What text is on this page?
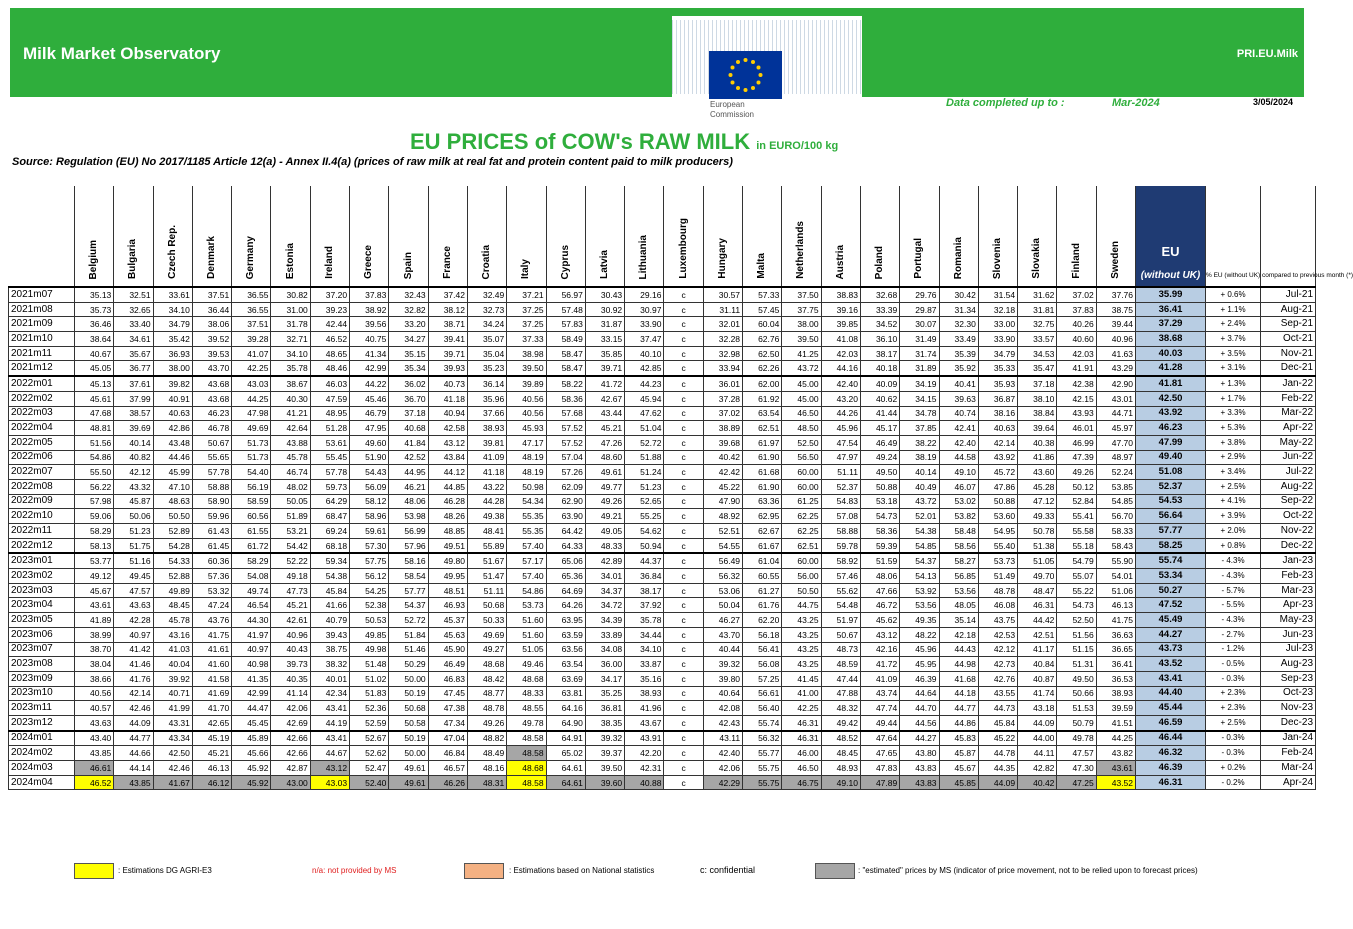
Milk Market Observatory	PRI.EU.Milk
European
Commission
Data completed up to :	Mar-2024	3/05/2024
EU PRICES of COW's RAW MILK in EURO/100 kg
Source: Regulation (EU) No 2017/1185 Article 12(a) - Annex II.4(a) (prices of raw milk at real fat and protein content paid to milk producers)
	Belgium	Bulgaria	Czech Rep.	Denmark	Germany	Estonia	Ireland	Greece	Spain	France	Croatia	Italy	Cyprus	Latvia	Lithuania	Luxembourg	Hungary	Malta	Netherlands	Austria	Poland	Portugal	Romania	Slovenia	Slovakia	Finland	Sweden	EU

(without UK)	% EU (without UK) compared to previous month (*)	
2021m07	35.13	32.51	33.61	37.51	36.55	30.82	37.20	37.83	32.43	37.42	32.49	37.21	56.97	30.43	29.16	c	30.57	57.33	37.50	38.83	32.68	29.76	30.42	31.54	31.62	37.02	37.76	35.99	+ 0.6%	Jul-21
2021m08	35.73	32.65	34.10	36.44	36.55	31.00	39.23	38.92	32.82	38.12	32.73	37.25	57.48	30.92	30.97	c	31.11	57.45	37.75	39.16	33.39	29.87	31.34	32.18	31.81	37.83	38.75	36.41	+ 1.1%	Aug-21
2021m09	36.46	33.40	34.79	38.06	37.51	31.78	42.44	39.56	33.20	38.71	34.24	37.25	57.83	31.87	33.90	c	32.01	60.04	38.00	39.85	34.52	30.07	32.30	33.00	32.75	40.26	39.44	37.29	+ 2.4%	Sep-21
2021m10	38.64	34.61	35.42	39.52	39.28	32.71	46.52	40.75	34.27	39.41	35.07	37.33	58.49	33.15	37.47	c	32.28	62.76	39.50	41.08	36.10	31.49	33.49	33.90	33.57	40.60	40.96	38.68	+ 3.7%	Oct-21
2021m11	40.67	35.67	36.93	39.53	41.07	34.10	48.65	41.34	35.15	39.71	35.04	38.98	58.47	35.85	40.10	c	32.98	62.50	41.25	42.03	38.17	31.74	35.39	34.79	34.53	42.03	41.63	40.03	+ 3.5%	Nov-21
2021m12	45.05	36.77	38.00	43.70	42.25	35.78	48.46	42.99	35.34	39.93	35.23	39.50	58.47	39.71	42.85	c	33.94	62.26	43.72	44.16	40.18	31.89	35.92	35.33	35.47	41.91	43.29	41.28	+ 3.1%	Dec-21
2022m01	45.13	37.61	39.82	43.68	43.03	38.67	46.03	44.22	36.02	40.73	36.14	39.89	58.22	41.72	44.23	c	36.01	62.00	45.00	42.40	40.09	34.19	40.41	35.93	37.18	42.38	42.90	41.81	+ 1.3%	Jan-22
2022m02	45.61	37.99	40.91	43.68	44.25	40.30	47.59	45.46	36.70	41.18	35.96	40.56	58.36	42.67	45.94	c	37.28	61.92	45.00	43.20	40.62	34.15	39.63	36.87	38.10	42.15	43.01	42.50	+ 1.7%	Feb-22
2022m03	47.68	38.57	40.63	46.23	47.98	41.21	48.95	46.79	37.18	40.94	37.66	40.56	57.68	43.44	47.62	c	37.02	63.54	46.50	44.26	41.44	34.78	40.74	38.16	38.84	43.93	44.71	43.92	+ 3.3%	Mar-22
2022m04	48.81	39.69	42.86	46.78	49.69	42.64	51.28	47.95	40.68	42.58	38.93	45.93	57.52	45.21	51.04	c	38.89	62.51	48.50	45.96	45.17	37.85	42.41	40.63	39.64	46.01	45.97	46.23	+ 5.3%	Apr-22
2022m05	51.56	40.14	43.48	50.67	51.73	43.88	53.61	49.60	41.84	43.12	39.81	47.17	57.52	47.26	52.72	c	39.68	61.97	52.50	47.54	46.49	38.22	42.40	42.14	40.38	46.99	47.70	47.99	+ 3.8%	May-22
2022m06	54.86	40.82	44.46	55.65	51.73	45.78	55.45	51.90	42.52	43.84	41.09	48.19	57.04	48.60	51.88	c	40.42	61.90	56.50	47.97	49.24	38.19	44.58	43.92	41.86	47.39	48.97	49.40	+ 2.9%	Jun-22
2022m07	55.50	42.12	45.99	57.78	54.40	46.74	57.78	54.43	44.95	44.12	41.18	48.19	57.26	49.61	51.24	c	42.42	61.68	60.00	51.11	49.50	40.14	49.10	45.72	43.60	49.26	52.24	51.08	+ 3.4%	Jul-22
2022m08	56.22	43.32	47.10	58.88	56.19	48.02	59.73	56.09	46.21	44.85	43.22	50.98	62.09	49.77	51.23	c	45.22	61.90	60.00	52.37	50.88	40.49	46.07	47.86	45.28	50.12	53.85	52.37	+ 2.5%	Aug-22
2022m09	57.98	45.87	48.63	58.90	58.59	50.05	64.29	58.12	48.06	46.28	44.28	54.34	62.90	49.26	52.65	c	47.90	63.36	61.25	54.83	53.18	43.72	53.02	50.88	47.12	52.84	54.85	54.53	+ 4.1%	Sep-22
2022m10	59.06	50.06	50.50	59.96	60.56	51.89	68.47	58.96	53.98	48.26	49.38	55.35	63.90	49.21	55.25	c	48.92	62.95	62.25	57.08	54.73	52.01	53.82	53.60	49.33	55.41	56.70	56.64	+ 3.9%	Oct-22
2022m11	58.29	51.23	52.89	61.43	61.55	53.21	69.24	59.61	56.99	48.85	48.41	55.35	64.42	49.05	54.62	c	52.51	62.67	62.25	58.88	58.36	54.38	58.48	54.95	50.78	55.58	58.33	57.77	+ 2.0%	Nov-22
2022m12	58.13	51.75	54.28	61.45	61.72	54.42	68.18	57.30	57.96	49.51	55.89	57.40	64.33	48.33	50.94	c	54.55	61.67	62.51	59.78	59.39	54.85	58.56	55.40	51.38	55.18	58.43	58.25	+ 0.8%	Dec-22
2023m01	53.77	51.16	54.33	60.36	58.29	52.22	59.34	57.75	58.16	49.80	51.67	57.17	65.06	42.89	44.37	c	56.49	61.04	60.00	58.92	51.59	54.37	58.27	53.73	51.05	54.79	55.90	55.74	- 4.3%	Jan-23
2023m02	49.12	49.45	52.88	57.36	54.08	49.18	54.38	56.12	58.54	49.95	51.47	57.40	65.36	34.01	36.84	c	56.32	60.55	56.00	57.46	48.06	54.13	56.85	51.49	49.70	55.07	54.01	53.34	- 4.3%	Feb-23
2023m03	45.67	47.57	49.89	53.32	49.74	47.73	45.84	54.25	57.77	48.51	51.11	54.86	64.69	34.37	38.17	c	53.06	61.27	50.50	55.62	47.66	53.92	53.56	48.78	48.47	55.22	51.06	50.27	- 5.7%	Mar-23
2023m04	43.61	43.63	48.45	47.24	46.54	45.21	41.66	52.38	54.37	46.93	50.68	53.73	64.26	34.72	37.92	c	50.04	61.76	44.75	54.48	46.72	53.56	48.05	46.08	46.31	54.73	46.13	47.52	- 5.5%	Apr-23
2023m05	41.89	42.28	45.78	43.76	44.30	42.61	40.79	50.53	52.72	45.37	50.33	51.60	63.95	34.39	35.78	c	46.27	62.20	43.25	51.97	45.62	49.35	35.14	43.75	44.42	52.50	41.75	45.49	- 4.3%	May-23
2023m06	38.99	40.97	43.16	41.75	41.97	40.96	39.43	49.85	51.84	45.63	49.69	51.60	63.59	33.89	34.44	c	43.70	56.18	43.25	50.67	43.12	48.22	42.18	42.53	42.51	51.56	36.63	44.27	- 2.7%	Jun-23
2023m07	38.70	41.42	41.03	41.61	40.97	40.43	38.75	49.98	51.46	45.90	49.27	51.05	63.56	34.08	34.10	c	40.44	56.41	43.25	48.73	42.16	45.96	44.43	42.12	41.17	51.15	36.65	43.73	- 1.2%	Jul-23
2023m08	38.04	41.46	40.04	41.60	40.98	39.73	38.32	51.48	50.29	46.49	48.68	49.46	63.54	36.00	33.87	c	39.32	56.08	43.25	48.59	41.72	45.95	44.98	42.73	40.84	51.31	36.41	43.52	- 0.5%	Aug-23
2023m09	38.66	41.76	39.92	41.58	41.35	40.35	40.01	51.02	50.00	46.83	48.42	48.68	63.69	34.17	35.16	c	39.80	57.25	41.45	47.44	41.09	46.39	41.68	42.76	40.87	49.50	36.53	43.41	- 0.3%	Sep-23
2023m10	40.56	42.14	40.71	41.69	42.99	41.14	42.34	51.83	50.19	47.45	48.77	48.33	63.81	35.25	38.93	c	40.64	56.61	41.00	47.88	43.74	44.64	44.18	43.55	41.74	50.66	38.93	44.40	+ 2.3%	Oct-23
2023m11	40.57	42.46	41.99	41.70	44.47	42.06	43.41	52.36	50.68	47.38	48.78	48.55	64.16	36.81	41.96	c	42.08	56.40	42.25	48.32	47.74	44.70	44.77	44.73	43.18	51.53	39.59	45.44	+ 2.3%	Nov-23
2023m12	43.63	44.09	43.31	42.65	45.45	42.69	44.19	52.59	50.58	47.34	49.26	49.78	64.90	38.35	43.67	c	42.43	55.74	46.31	49.42	49.44	44.56	44.86	45.84	44.09	50.79	41.51	46.59	+ 2.5%	Dec-23
2024m01	43.40	44.77	43.34	45.19	45.89	42.66	43.41	52.67	50.19	47.04	48.82	48.58	64.91	39.32	43.91	c	43.11	56.32	46.31	48.52	47.64	44.27	45.83	45.22	44.00	49.78	44.25	46.44	- 0.3%	Jan-24
2024m02	43.85	44.66	42.50	45.21	45.66	42.66	44.67	52.62	50.00	46.84	48.49	48.58	65.02	39.37	42.20	c	42.40	55.77	46.00	48.45	47.65	43.80	45.87	44.78	44.11	47.57	43.82	46.32	- 0.3%	Feb-24
2024m03	46.61	44.14	42.46	46.13	45.92	42.87	43.12	52.47	49.61	46.57	48.16	48.68	64.61	39.50	42.31	c	42.06	55.75	46.50	48.93	47.83	43.83	45.67	44.35	42.82	47.30	43.61	46.39	+ 0.2%	Mar-24
2024m04	46.52	43.85	41.67	46.12	45.92	43.00	43.03	52.40	49.61	46.26	48.31	48.58	64.61	39.60	40.88	c	42.29	55.75	46.75	49.10	47.89	43.83	45.85	44.09	40.42	47.25	43.52	46.31	- 0.2%	Apr-24
: Estimations DG AGRI-E3	n/a: not provided by MS	: Estimations based on National statistics	c: confidential	: "estimated" prices by MS (indicator of price movement, not to be relied upon to forecast prices)
